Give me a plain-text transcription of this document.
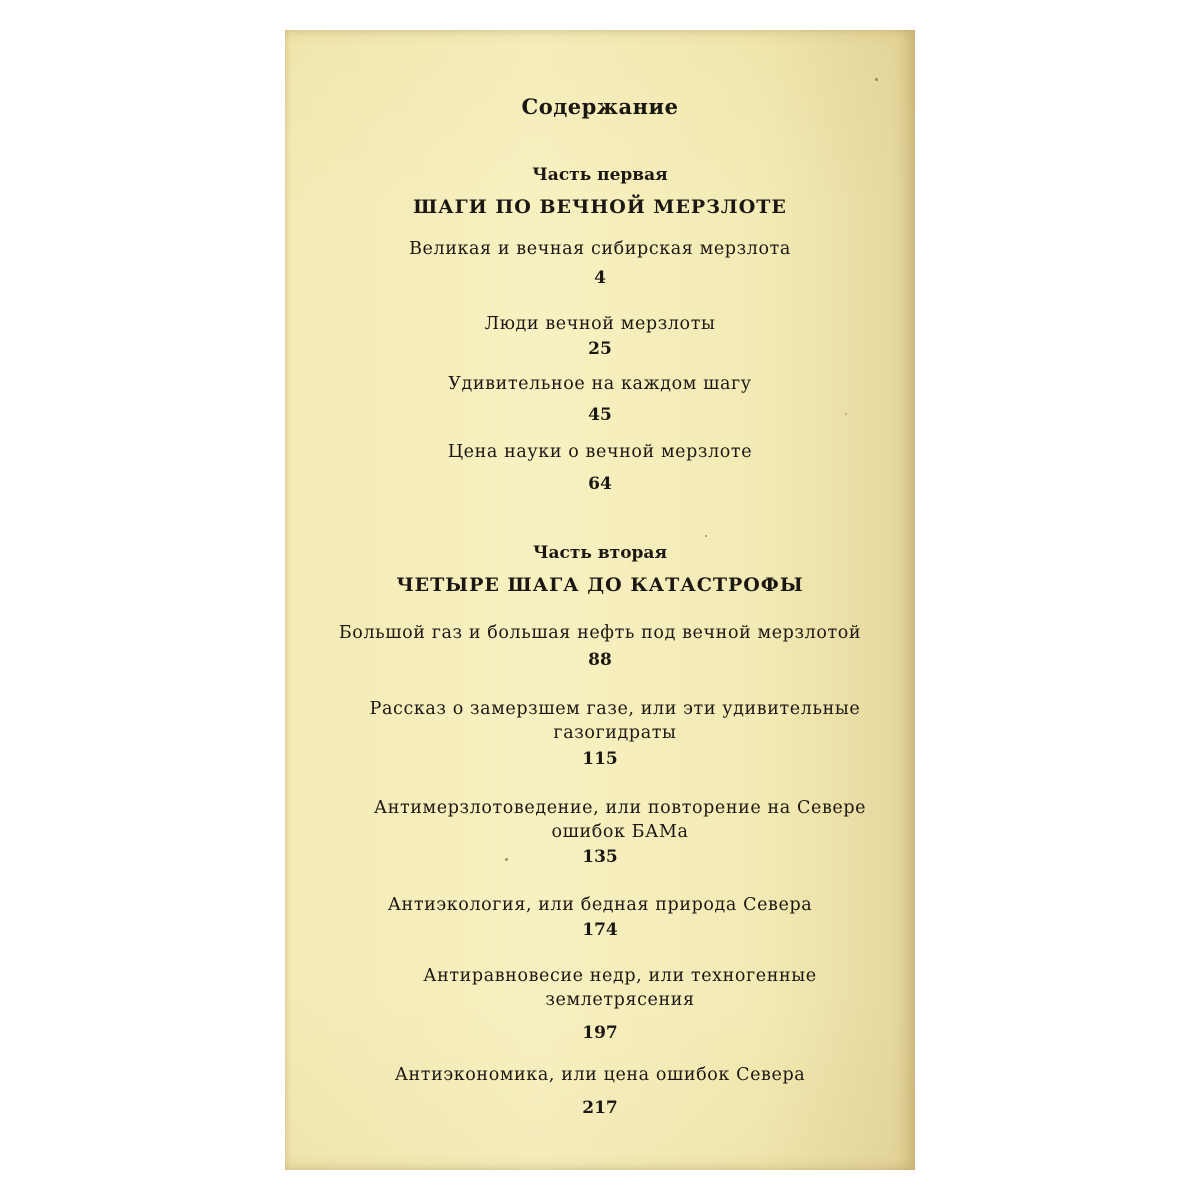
Содержание
Часть первая
ШАГИ ПО ВЕЧНОЙ МЕРЗЛОТЕ
Великая и вечная сибирская мерзлота
4
Люди вечной мерзлоты
25
Удивительное на каждом шагу
45
Цена науки о вечной мерзлоте
64
Часть вторая
ЧЕТЫРЕ ШАГА ДО КАТАСТРОФЫ
Большой газ и большая нефть под вечной мерзлотой
88
Рассказ о замерзшем газе, или эти удивительные газогидраты
115
Антимерзлотоведение, или повторение на Севере ошибок БАМа
135
Антиэкология, или бедная природа Севера
174
Антиравновесие недр, или техногенные землетрясения
197
Антиэкономика, или цена ошибок Севера
217
